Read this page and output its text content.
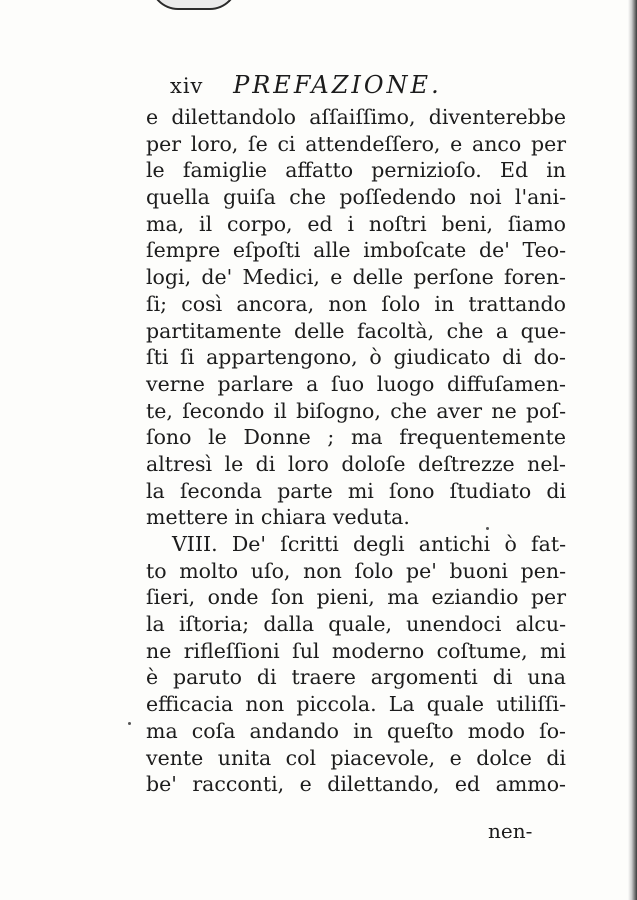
xiv PREFAZIONE.
e dilettandolo aſſaiſſimo, diventerebbe
per loro, ſe ci attendeſſero, e anco per
le famiglie affatto pernizioſo. Ed in
quella guiſa che poſſedendo noi l'ani-
ma, il corpo, ed i noſtri beni, ſiamo
ſempre eſpoſti alle imboſcate de' Teo-
logi, de' Medici, e delle perſone foren-
ſi; così ancora, non ſolo in trattando
partitamente delle facoltà, che a que-
ſti ſi appartengono, ò giudicato di do-
verne parlare a ſuo luogo diffuſamen-
te, ſecondo il biſogno, che aver ne poſ-
ſono le Donne ; ma frequentemente
altresì le di loro doloſe deſtrezze nel-
la ſeconda parte mi ſono ſtudiato di
mettere in chiara veduta.
VIII. De' ſcritti degli antichi ò fat-
to molto uſo, non ſolo pe' buoni pen-
ſieri, onde ſon pieni, ma eziandio per
la iſtoria; dalla quale, unendoci alcu-
ne rifleſſioni ſul moderno coſtume, mi
è paruto di traere argomenti di una
efficacia non piccola. La quale utiliſſi-
ma coſa andando in queſto modo ſo-
vente unita col piacevole, e dolce di
be' racconti, e dilettando, ed ammo-
nen-
